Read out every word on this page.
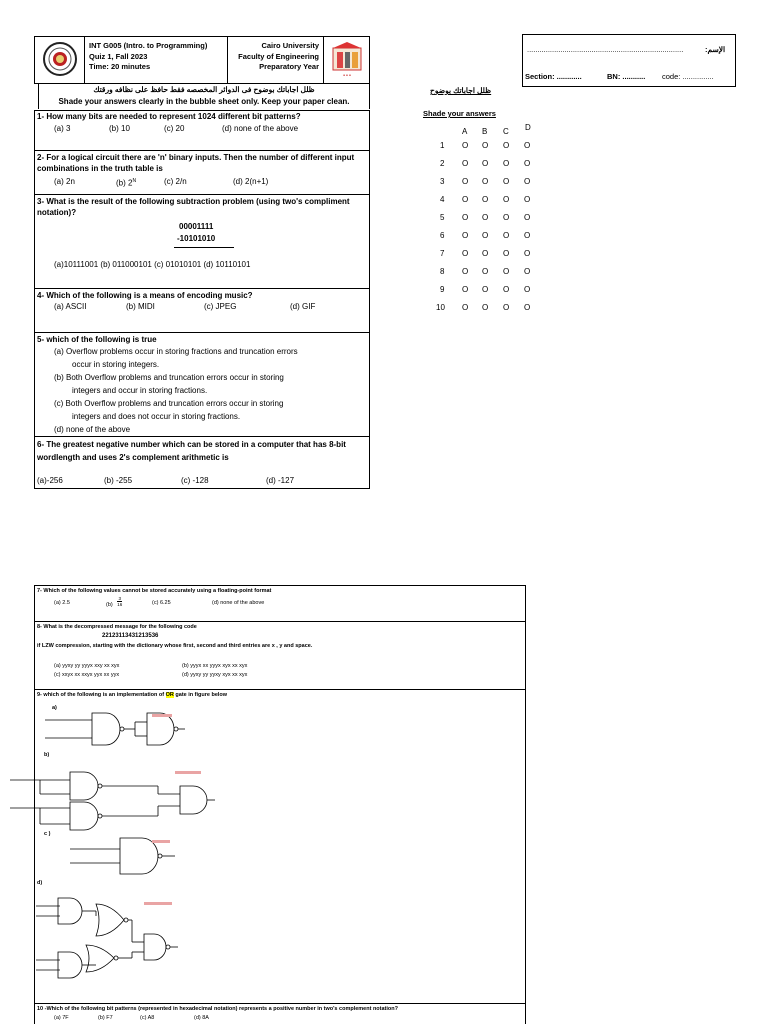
INT G005 (Intro. to Programming)
Quiz 1, Fall 2023
Time: 20 minutes
Cairo University
Faculty of Engineering
Preparatory Year
•••
ظلل اجاباتك بوضوح فى الدوائر المخصصه فقط حافظ على نظافه ورقتك
Shade your answers clearly in the bubble sheet only. Keep your paper clean.
...........................................................................	:الإسم
Section: ............	BN: ........... code: ...............
ظلل اجاباتك بوضوح
Shade your answers
A B C D
1 O O O O
2 O O O O
3 O O O O
4 O O O O
5 O O O O
6 O O O O
7 O O O O
8 O O O O
9 O O O O
10 O O O O
1- How many bits are needed to represent 1024 different bit patterns?
(a) 3	(b) 10	(c) 20	(d) none of the above
2- For a logical circuit there are 'n' binary inputs. Then the number of different input combinations in the truth table is
(a) 2n	(b) $2^N$	(c) 2/n	(d) 2(n+1)
3- What is the result of the following subtraction problem (using two's compliment notation)?
00001111
-10101010
(a)10111001 (b) 011000101 (c) 01010101 (d) 10110101
4- Which of the following is a means of encoding music?
(a) ASCII	(b) MIDI	(c) JPEG	(d) GIF
5- which of the following is true
(a) Overflow problems occur in storing fractions and truncation errors
occur in storing integers.
(b) Both Overflow problems and truncation errors occur in storing
integers and occur in storing fractions.
(c) Both Overflow problems and truncation errors occur in storing
integers and does not occur in storing fractions.
(d) none of the above
6- The greatest negative number which can be stored in a computer that has 8-bit wordlength and uses 2's complement arithmetic is
(a)-256	(b) -255	(c) -128	(d) -127
7- Which of the following values cannot be stored accurately using a floating-point format
(a) 2.5	$(b) \frac{3}{16}$	(c) 6.25	(d) none of the above
8- What is the decompressed message for the following code
22123113431213536
if LZW compression, starting with the dictionary whose first, second and third entries are x , y and space.
(a) yyxy yy yyyx xxy xx xyx	(b) yyyx xx yyyx xyx xx xyx
(c) xxyx xx xxyx yyx xx yyx	(d) yyxy yy yyxy xyx xx xyx
9- which of the following is an implementation of OR gate in figure below
a)
b)
c )
d)
10 -Which of the following bit patterns (represented in hexadecimal notation) represents a positive number in two's complement notation?
(a) 7F	(b) F7	(c) A8	(d) 8A
